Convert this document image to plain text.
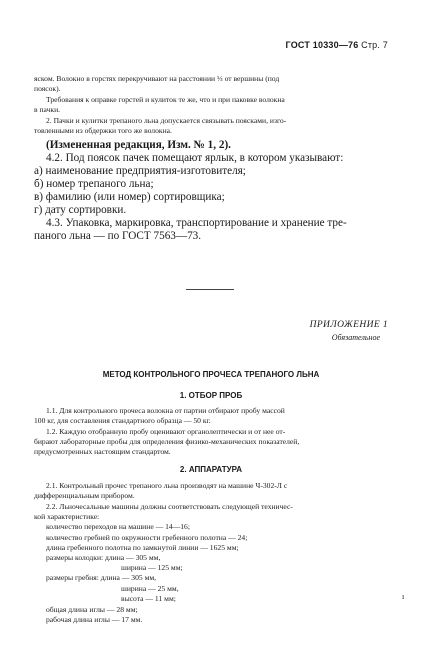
ГОСТ 10330—76 Стр. 7
яском. Волокно в горстях перекручивают на расстоянии ⅓ от вершины (под
поясок).
Требования к оправке горстей и кулиток те же, что и при паковке волокна
в пачки.
2. Пачки и кулитки трепаного льна допускается связывать поясками, изго-
товленными из обдержки того же волокна.
(Измененная редакция, Изм. № 1, 2).
4.2. Под поясок пачек помещают ярлык, в котором указывают:
а) наименование предприятия-изготовителя;
б) номер трепаного льна;
в) фамилию (или номер) сортировщика;
г) дату сортировки.
4.3. Упаковка, маркировка, транспортирование и хранение тре-
паного льна — по ГОСТ 7563—73.
ПРИЛОЖЕНИЕ 1
Обязательное
МЕТОД КОНТРОЛЬНОГО ПРОЧЕСА ТРЕПАНОГО ЛЬНА
1. ОТБОР ПРОБ
1.1. Для контрольного прочеса волокна от партии отбирают пробу массой
100 кг, для составления стандартного образца — 50 кг.
1.2. Каждую отобранную пробу оценивают органолептически и от нее от-
бирают лабораторные пробы для определения физико-механических показателей,
предусмотренных настоящим стандартом.
2. АППАРАТУРА
2.1. Контрольный прочес трепаного льна производят на машине Ч-302-Л с
дифференциальным прибором.
2.2. Льночесальные машины должны соответствовать следующей техничес-
кой характеристике:
количество переходов на машине — 14—16;
количество гребней по окружности гребенного полотна — 24;
длина гребенного полотна по замкнутой линии — 1625 мм;
размеры колодки: длина — 305 мм,
ширина — 125 мм;
размеры гребня: длина — 305 мм,
ширина — 25 мм,
высота — 11 мм;
общая длина иглы — 28 мм;
рабочая длина иглы — 17 мм.
ı
